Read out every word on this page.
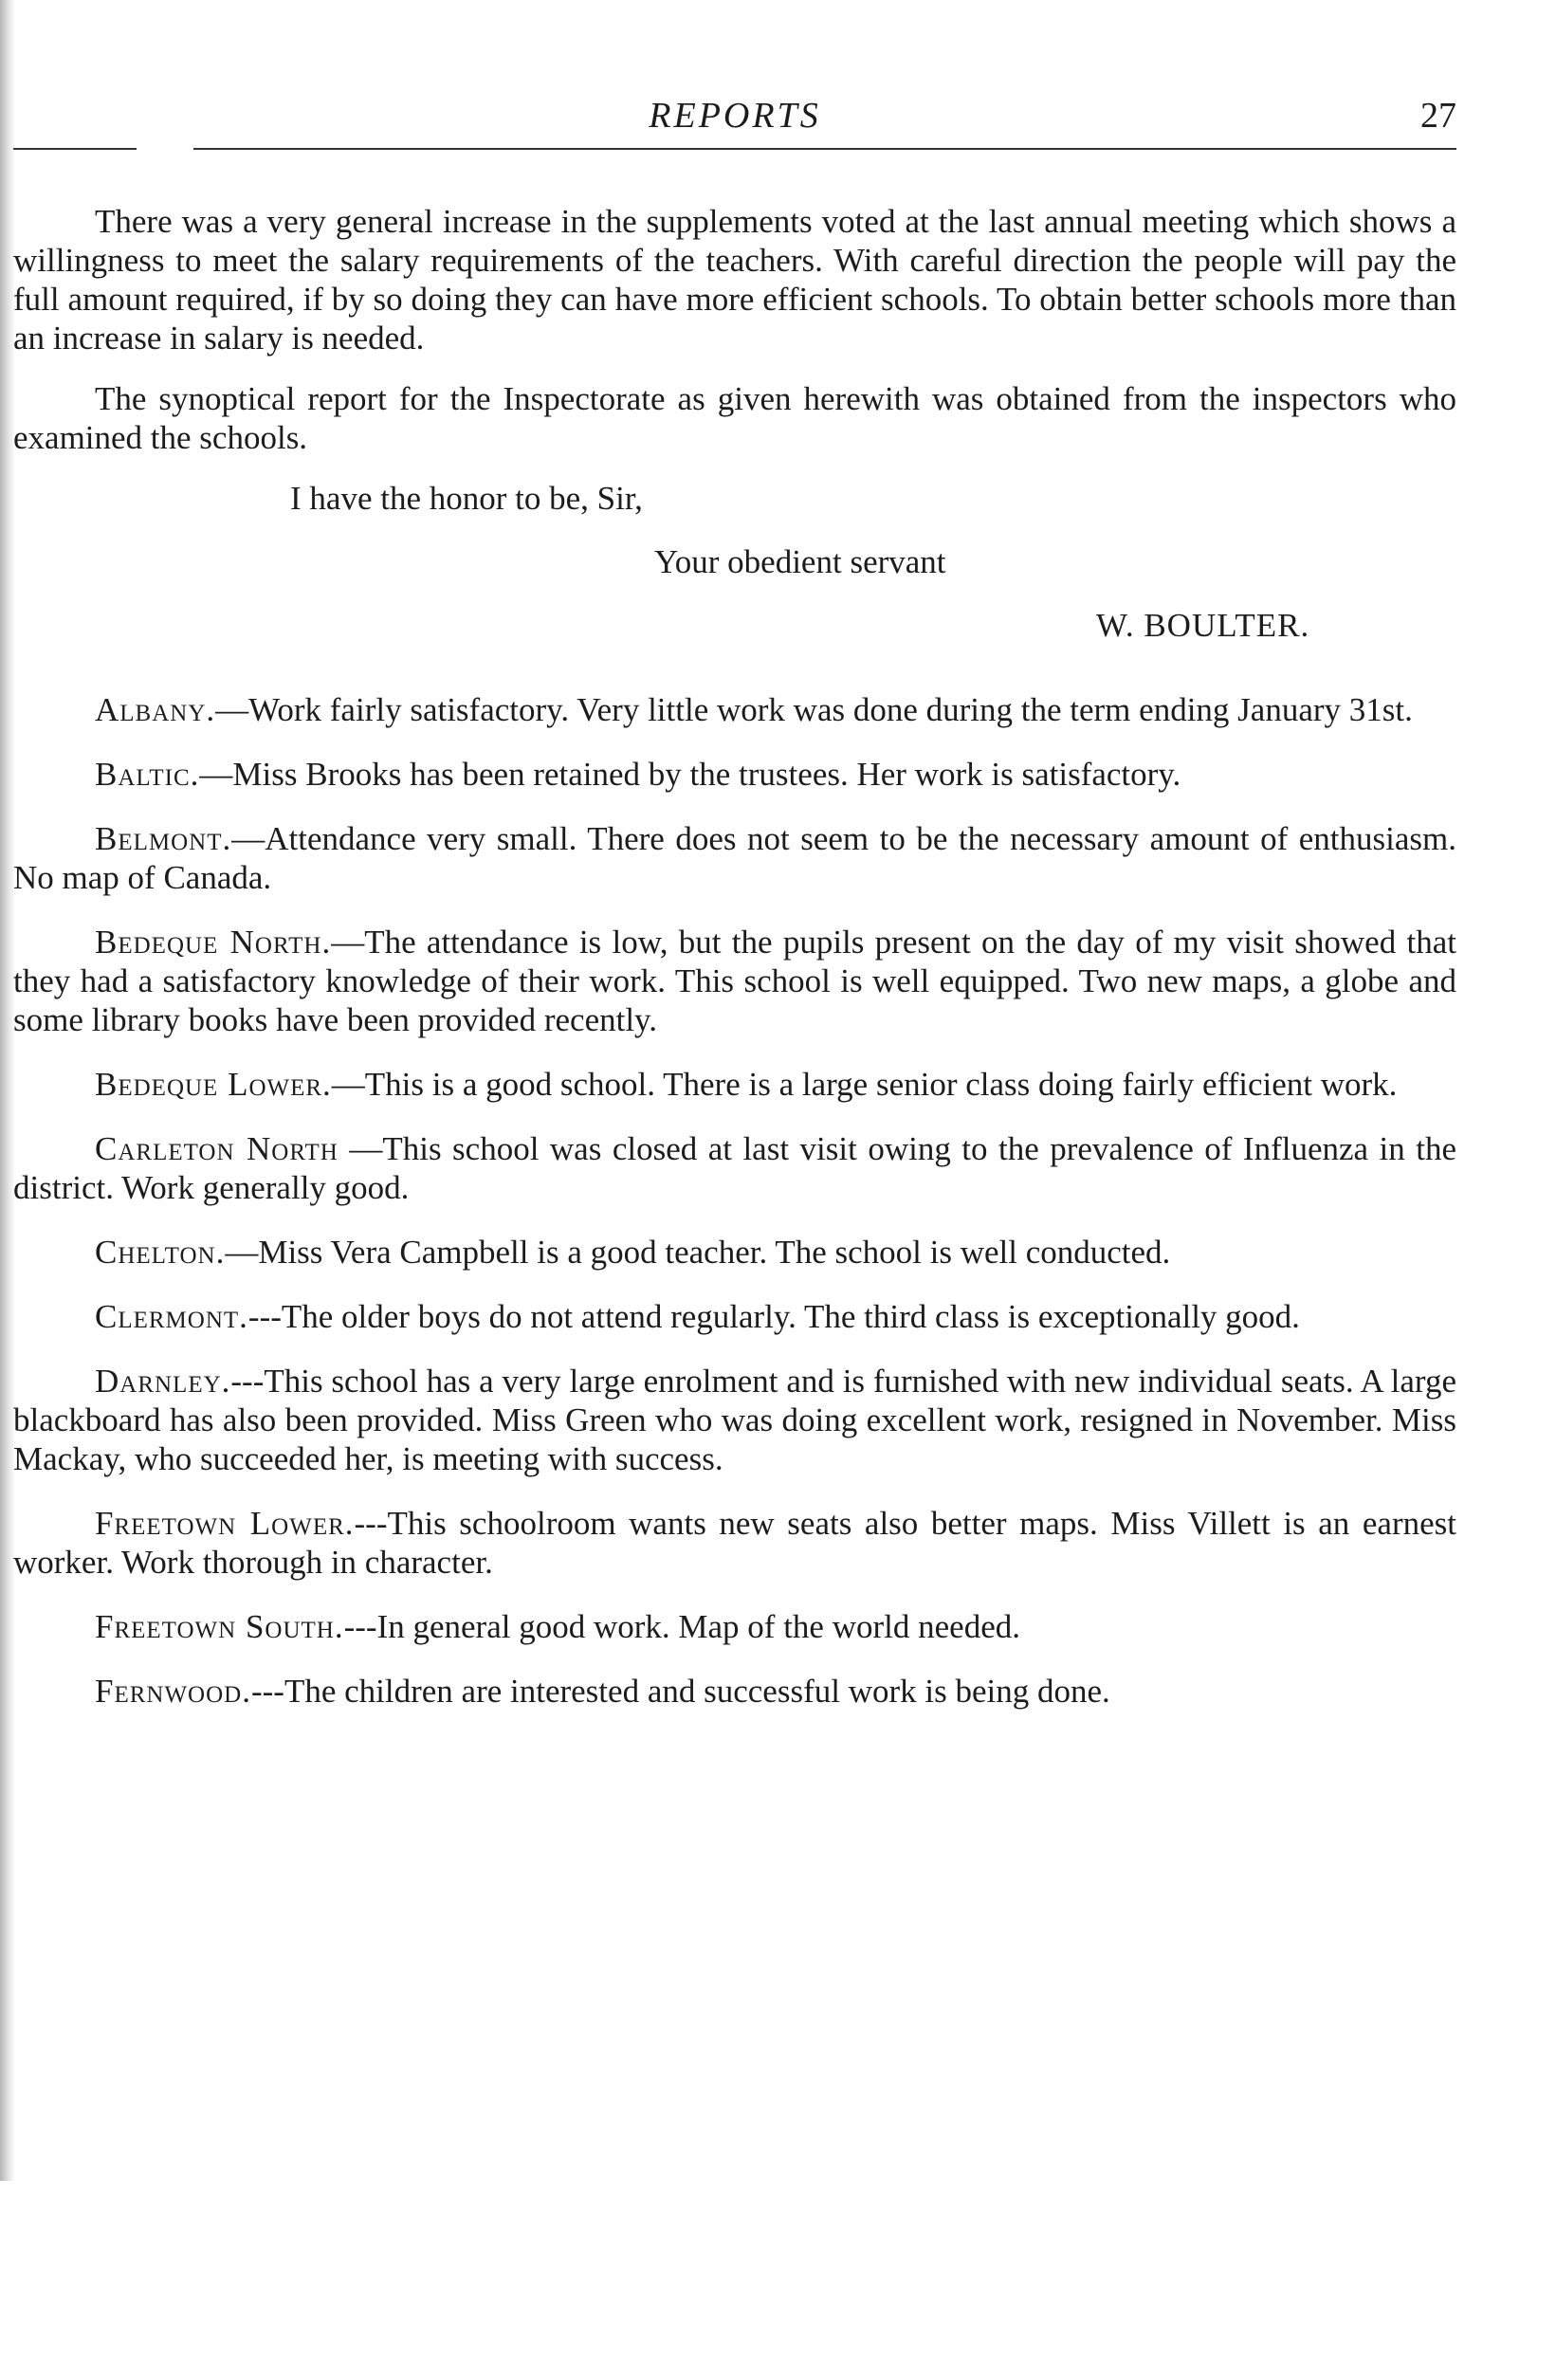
REPORTS	27

There was a very general increase in the supplements voted at the last annual meeting which shows a willingness to meet the salary requirements of the teachers. With careful direction the people will pay the full amount required, if by so doing they can have more efficient schools. To obtain better schools more than an increase in salary is needed.

The synoptical report for the Inspectorate as given herewith was obtained from the inspectors who examined the schools.

I have the honor to be, Sir,
Your obedient servant
W. BOULTER.

Albany.—Work fairly satisfactory. Very little work was done during the term ending January 31st.

Baltic.—Miss Brooks has been retained by the trustees. Her work is satisfactory.

Belmont.—Attendance very small. There does not seem to be the necessary amount of enthusiasm. No map of Canada.

Bedeque North.—The attendance is low, but the pupils present on the day of my visit showed that they had a satisfactory knowledge of their work. This school is well equipped. Two new maps, a globe and some library books have been provided recently.

Bedeque Lower.—This is a good school. There is a large senior class doing fairly efficient work.

Carleton North —This school was closed at last visit owing to the prevalence of Influenza in the district. Work generally good.

Chelton.—Miss Vera Campbell is a good teacher. The school is well conducted.

Clermont.---The older boys do not attend regularly. The third class is exceptionally good.

Darnley.---This school has a very large enrolment and is furnished with new individual seats. A large blackboard has also been provided. Miss Green who was doing excellent work, resigned in November. Miss Mackay, who succeeded her, is meeting with success.

Freetown Lower.---This schoolroom wants new seats also better maps. Miss Villett is an earnest worker. Work thorough in character.

Freetown South.---In general good work. Map of the world needed.

Fernwood.---The children are interested and successful work is being done.
